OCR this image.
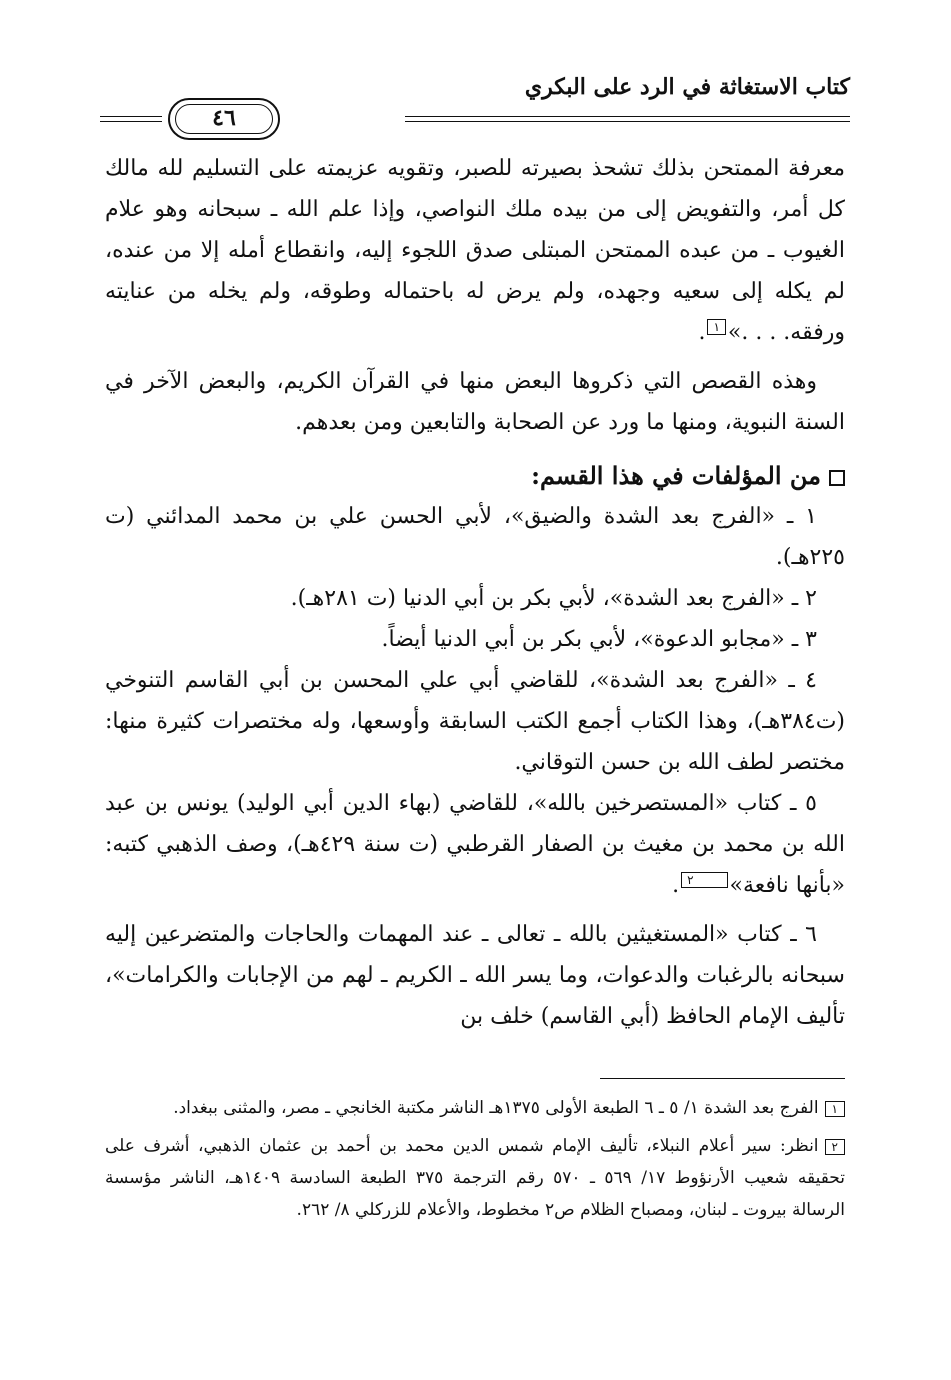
كتاب الاستغاثة في الرد على البكري
٤٦

معرفة الممتحن بذلك تشحذ بصيرته للصبر، وتقويه عزيمته على التسليم لله مالك كل أمر، والتفويض إلى من بيده ملك النواصي، وإذا علم الله ـ سبحانه وهو علام الغيوب ـ من عبده الممتحن المبتلى صدق اللجوء إليه، وانقطاع أمله إلا من عنده، لم يكله إلى سعيه وجهده، ولم يرض له باحتماله وطوقه، ولم يخله من عنايته ورفقه. . . .»١.

وهذه القصص التي ذكروها البعض منها في القرآن الكريم، والبعض الآخر في السنة النبوية، ومنها ما ورد عن الصحابة والتابعين ومن بعدهم.

من المؤلفات في هذا القسم:

١ ـ «الفرج بعد الشدة والضيق»، لأبي الحسن علي بن محمد المدائني (ت ٢٢٥هـ).

٢ ـ «الفرج بعد الشدة»، لأبي بكر بن أبي الدنيا (ت ٢٨١هـ).

٣ ـ «مجابو الدعوة»، لأبي بكر بن أبي الدنيا أيضاً.

٤ ـ «الفرج بعد الشدة»، للقاضي أبي علي المحسن بن أبي القاسم التنوخي (ت٣٨٤هـ)، وهذا الكتاب أجمع الكتب السابقة وأوسعها، وله مختصرات كثيرة منها: مختصر لطف الله بن حسن التوقاني.

٥ ـ كتاب «المستصرخين بالله»، للقاضي (بهاء الدين أبي الوليد) يونس بن عبد الله بن محمد بن مغيث بن الصفار القرطبي (ت سنة ٤٢٩هـ)، وصف الذهبي كتبه: «بأنها نافعة»٢.

٦ ـ كتاب «المستغيثين بالله ـ تعالى ـ عند المهمات والحاجات والمتضرعين إليه سبحانه بالرغبات والدعوات، وما يسر الله ـ الكريم ـ لهم من الإجابات والكرامات»، تأليف الإمام الحافظ (أبي القاسم) خلف بن

١الفرج بعد الشدة ١/ ٥ ـ ٦ الطبعة الأولى ١٣٧٥هـ الناشر مكتبة الخانجي ـ مصر، والمثنى ببغداد.

٢انظر: سير أعلام النبلاء، تأليف الإمام شمس الدين محمد بن أحمد بن عثمان الذهبي، أشرف على تحقيقه شعيب الأرنؤوط ١٧/ ٥٦٩ ـ ٥٧٠ رقم الترجمة ٣٧٥ الطبعة السادسة ١٤٠٩هـ، الناشر مؤسسة الرسالة بيروت ـ لبنان، ومصباح الظلام ص٢ مخطوط، والأعلام للزركلي ٨/ ٢٦٢.
